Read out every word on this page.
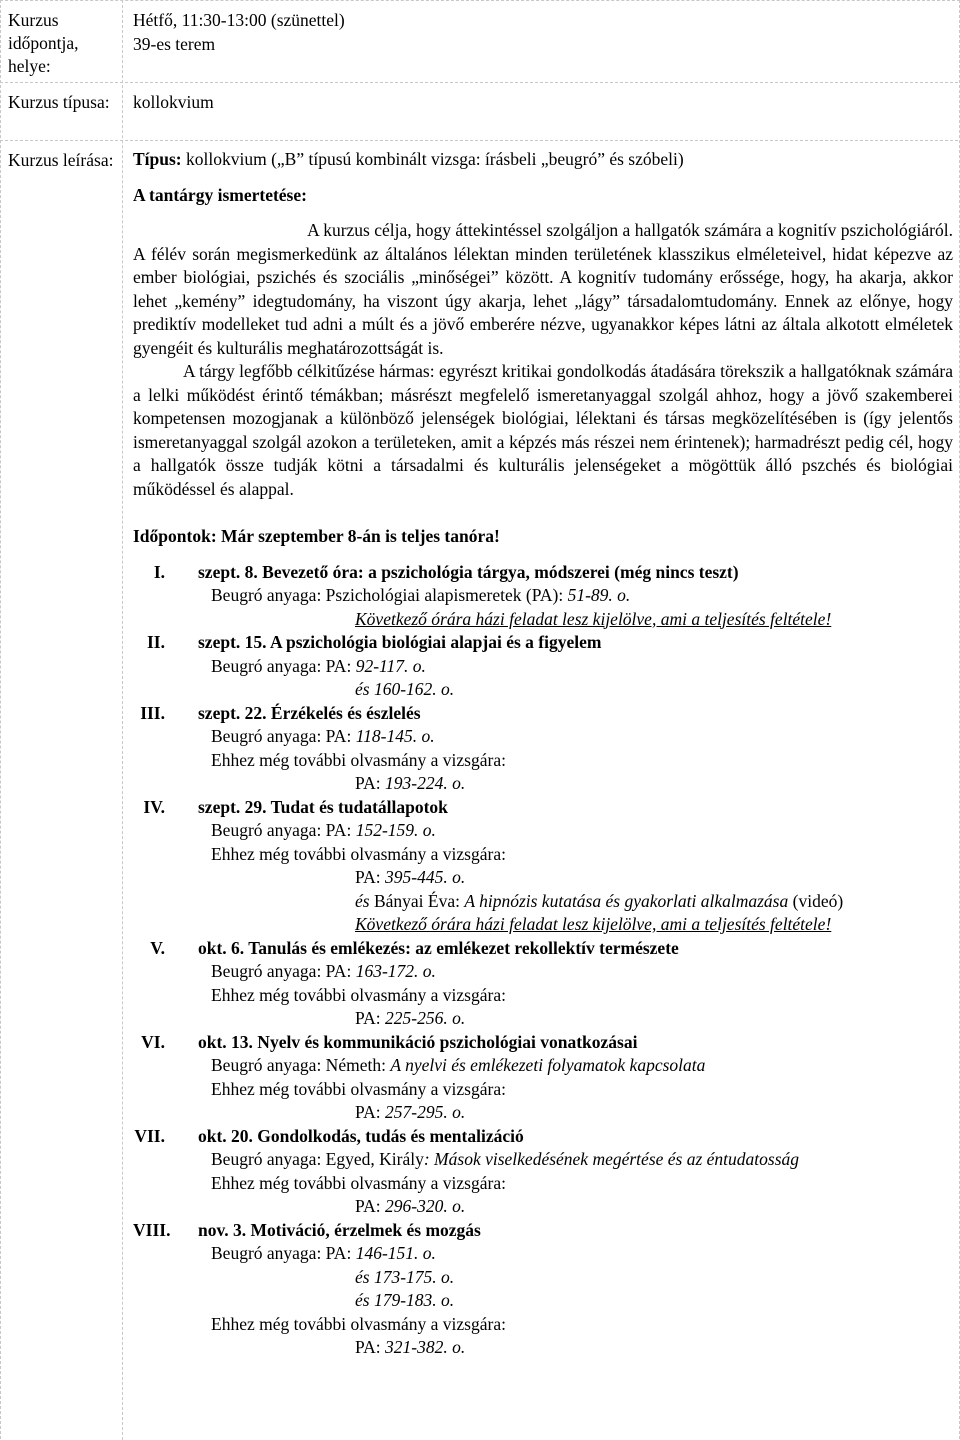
Kurzus időpontja, helye:
Hétfő, 11:30-13:00 (szünettel)
39-es terem
Kurzus típusa:	kollokvium
Kurzus leírása: Típus: kollokvium („B” típusú kombinált vizsga: írásbeli „beugró” és szóbeli)

A tantárgy ismertetése:

A kurzus célja, hogy áttekintéssel szolgáljon a hallgatók számára a kognitív pszichológiáról.

A félév során megismerkedünk az általános lélektan minden területének klasszikus elméleteivel, hidat képezve az ember biológiai, pszichés és szociális „minőségei” között. A kognitív tudomány erőssége, hogy, ha akarja, akkor lehet „kemény” idegtudomány, ha viszont úgy akarja, lehet „lágy” társadalomtudomány. Ennek az előnye, hogy prediktív modelleket tud adni a múlt és a jövő emberére nézve, ugyanakkor képes látni az általa alkotott elméletek gyengéit és kulturális meghatározottságát is.

A tárgy legfőbb célkitűzése hármas: egyrészt kritikai gondolkodás átadására törekszik a hallgatóknak számára a lelki működést érintő témákban; másrészt megfelelő ismeretanyaggal szolgál ahhoz, hogy a jövő szakemberei kompetensen mozogjanak a különböző jelenségek biológiai, lélektani és társas megközelítésében is (így jelentős ismeretanyaggal szolgál azokon a területeken, amit a képzés más részei nem érintenek); harmadrészt pedig cél, hogy a hallgatók össze tudják kötni a társadalmi és kulturális jelenségeket a mögöttük álló pszchés és biológiai működéssel és alappal.

Időpontok: Már szeptember 8-án is teljes tanóra!

I.	szept. 8. Bevezető óra: a pszichológia tárgya, módszerei (még nincs teszt)
Beugró anyaga: Pszichológiai alapismeretek (PA): 51-89. o.
Következő órára házi feladat lesz kijelölve, ami a teljesítés feltétele!
II.	szept. 15. A pszichológia biológiai alapjai és a figyelem
Beugró anyaga: PA: 92-117. o.
és 160-162. o.
III.	szept. 22. Érzékelés és észlelés
Beugró anyaga: PA: 118-145. o.
Ehhez még további olvasmány a vizsgára:
PA: 193-224. o.
IV.	szept. 29. Tudat és tudatállapotok
Beugró anyaga: PA: 152-159. o.
Ehhez még további olvasmány a vizsgára:
PA: 395-445. o.
és Bányai Éva: A hipnózis kutatása és gyakorlati alkalmazása (videó)
Következő órára házi feladat lesz kijelölve, ami a teljesítés feltétele!
V.	okt. 6. Tanulás és emlékezés: az emlékezet rekollektív természete
Beugró anyaga: PA: 163-172. o.
Ehhez még további olvasmány a vizsgára:
PA: 225-256. o.
VI.	okt. 13. Nyelv és kommunikáció pszichológiai vonatkozásai
Beugró anyaga: Németh: A nyelvi és emlékezeti folyamatok kapcsolata
Ehhez még további olvasmány a vizsgára:
PA: 257-295. o.
VII.	okt. 20. Gondolkodás, tudás és mentalizáció
Beugró anyaga: Egyed, Király: Mások viselkedésének megértése és az éntudatosság
Ehhez még további olvasmány a vizsgára:
PA: 296-320. o.
VIII.	nov. 3. Motiváció, érzelmek és mozgás
Beugró anyaga: PA: 146-151. o.
és 173-175. o.
és 179-183. o.
Ehhez még további olvasmány a vizsgára:
PA: 321-382. o.
